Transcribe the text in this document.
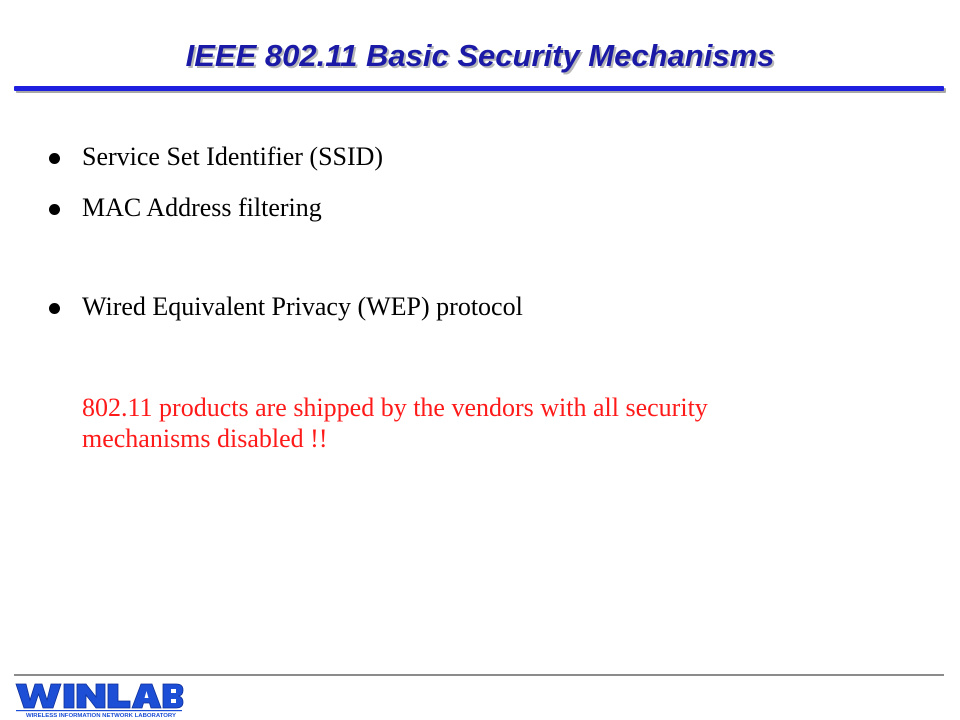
IEEE 802.11 Basic Security Mechanisms
Service Set Identifier (SSID)
MAC Address filtering
Wired Equivalent Privacy (WEP) protocol
802.11 products are shipped by the vendors with all security
mechanisms disabled !!
WIRELESS INFORMATION NETWORK LABORATORY
